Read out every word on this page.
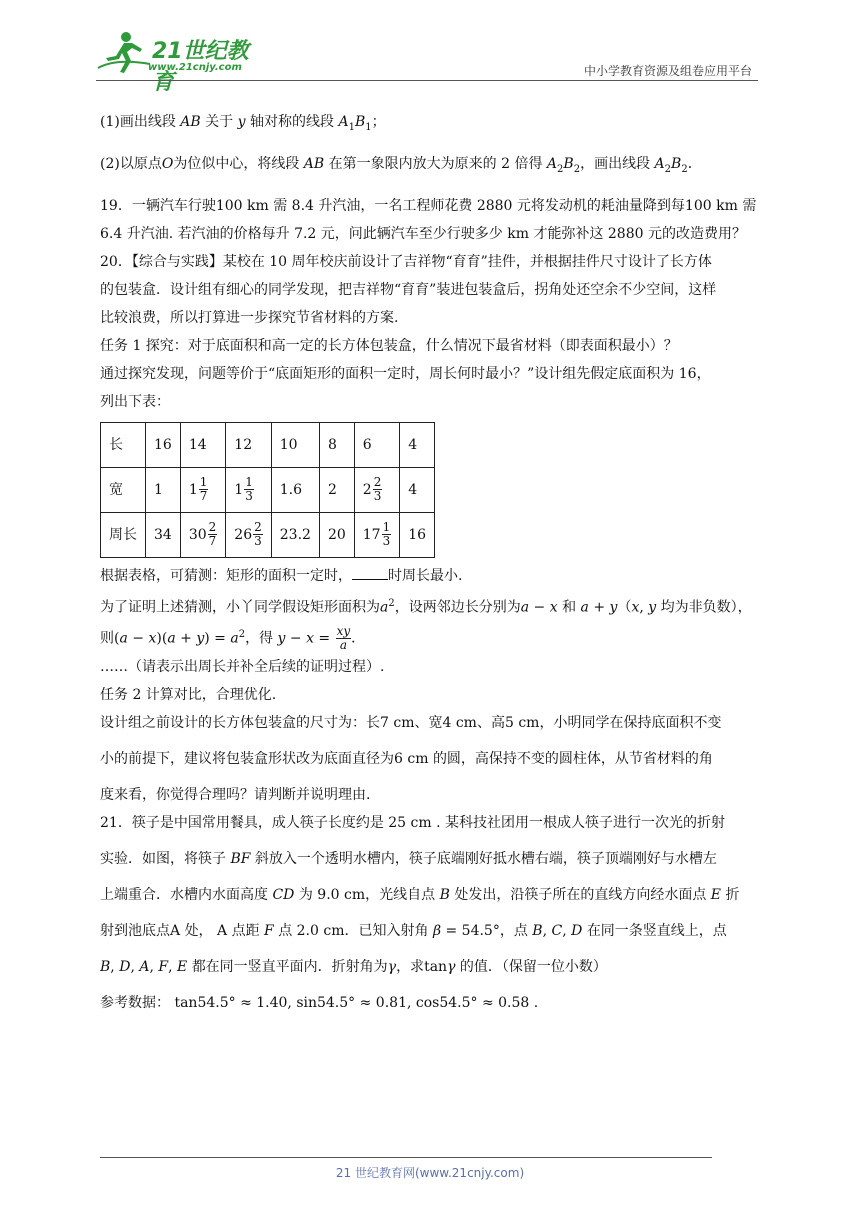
21世纪教育
www.21cnjy.com	中小学教育资源及组卷应用平台

(1)画出线段 AB 关于 y 轴对称的线段 $A_1B_1$；

(2)以原点O为位似中心，将线段 AB 在第一象限内放大为原来的 2 倍得 $A_2B_2$，画出线段 $A_2B_2$．

19．一辆汽车行驶100 km 需 8.4 升汽油，一名工程师花费 2880 元将发动机的耗油量降到每100 km 需

6.4 升汽油. 若汽油的价格每升 7.2 元，问此辆汽车至少行驶多少 km 才能弥补这 2880 元的改造费用？

20．【综合与实践】某校在 10 周年校庆前设计了吉祥物“育育”挂件，并根据挂件尺寸设计了长方体

的包装盒．设计组有细心的同学发现，把吉祥物“育育”装进包装盒后，拐角处还空余不少空间，这样

比较浪费，所以打算进一步探究节省材料的方案.

任务 1 探究：对于底面积和高一定的长方体包装盒，什么情况下最省材料（即表面积最小）？

通过探究发现，问题等价于“底面矩形的面积一定时，周长何时最小？”设计组先假定底面积为 16，

列出下表：

长	16	14	12	10	8	6	4
宽	1	$1 \frac{1}{7}$	$1 \frac{1}{3}$	1.6	2	$2 \frac{2}{3}$	4
周长	34	$30 \frac{2}{7}$	$26 \frac{2}{3}$	23.2	20	$17 \frac{1}{3}$	16

根据表格，可猜测：矩形的面积一定时，	时周长最小.

为了证明上述猜测，小丫同学假设矩形面积为$a^2$，设两邻边长分别为a − x 和 a + y（x, y 均为非负数），

则$(a - x)(a + y) = a^2$，得 $y - x = \frac{xy}{a}$ ．

……（请表示出周长并补全后续的证明过程）.

任务 2 计算对比，合理优化.

设计组之前设计的长方体包装盒的尺寸为：长7 cm、宽4 cm、高5 cm，小明同学在保持底面积不变

小的前提下，建议将包装盒形状改为底面直径为6 cm 的圆，高保持不变的圆柱体，从节省材料的角

度来看，你觉得合理吗？请判断并说明理由.

21．筷子是中国常用餐具，成人筷子长度约是 25 cm . 某科技社团用一根成人筷子进行一次光的折射

实验．如图，将筷子 BF 斜放入一个透明水槽内，筷子底端刚好抵水槽右端，筷子顶端刚好与水槽左

上端重合．水槽内水面高度 CD 为 9.0 cm，光线自点 B 处发出，沿筷子所在的直线方向经水面点 E 折

射到池底点A 处， A 点距 F 点 2.0 cm．已知入射角 β = 54.5°，点 B, C, D 在同一条竖直线上，点

B, D, A, F, E 都在同一竖直平面内．折射角为γ，求tanγ 的值．（保留一位小数）

参考数据： tan54.5° ≈ 1.40, sin54.5° ≈ 0.81, cos54.5° ≈ 0.58 .

21 世纪教育网(www.21cnjy.com)
